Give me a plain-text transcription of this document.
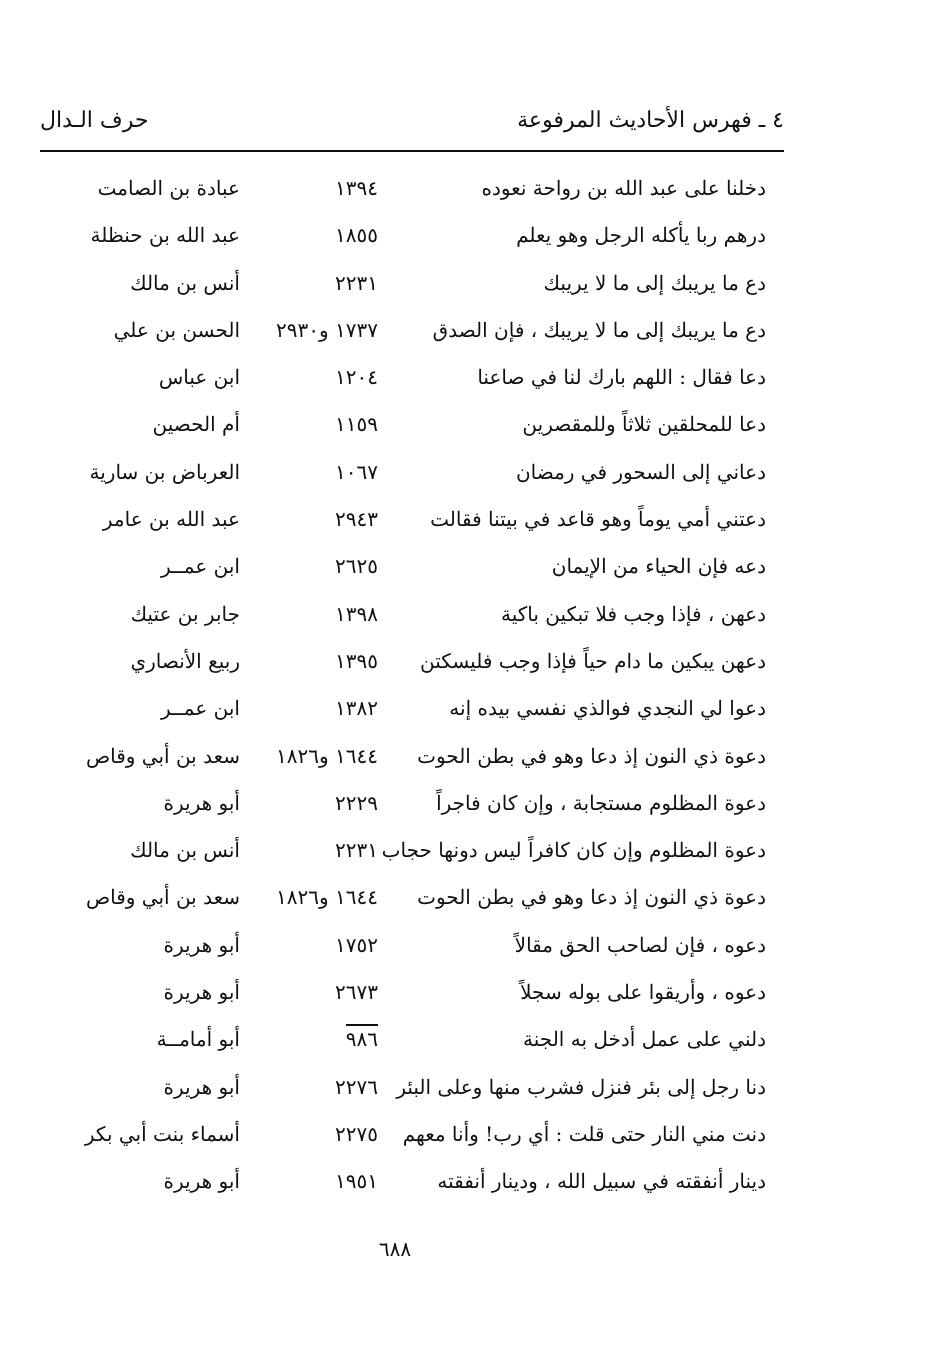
٤ ـ فهرس الأحاديث المرفوعة
حرف الـدال
دخلنا على عبد الله بن رواحة نعوده
١٣٩٤
عبادة بن الصامت
درهم ربا يأكله الرجل وهو يعلم
١٨٥٥
عبد الله بن حنظلة
دع ما يريبك إلى ما لا يريبك
٢٢٣١
أنس بن مالك
دع ما يريبك إلى ما لا يريبك ، فإن الصدق
١٧٣٧ و٢٩٣٠
الحسن بن علي
دعا فقال : اللهم بارك لنا في صاعنا
١٢٠٤
ابن عباس
دعا للمحلقين ثلاثاً وللمقصرين
١١٥٩
أم الحصين
دعاني إلى السحور في رمضان
١٠٦٧
العرباض بن سارية
دعتني أمي يوماً وهو قاعد في بيتنا فقالت
٢٩٤٣
عبد الله بن عامر
دعه فإن الحياء من الإيمان
٢٦٢٥
ابن عمــر
دعهن ، فإذا وجب فلا تبكين باكية
١٣٩٨
جابر بن عتيك
دعهن يبكين ما دام حياً فإذا وجب فليسكتن
١٣٩٥
ربيع الأنصاري
دعوا لي النجدي فوالذي نفسي بيده إنه
١٣٨٢
ابن عمــر
دعوة ذي النون إذ دعا وهو في بطن الحوت
١٦٤٤ و١٨٢٦
سعد بن أبي وقاص
دعوة المظلوم مستجابة ، وإن كان فاجراً
٢٢٢٩
أبو هريرة
دعوة المظلوم وإن كان كافراً ليس دونها حجاب
٢٢٣١
أنس بن مالك
دعوة ذي النون إذ دعا وهو في بطن الحوت
١٦٤٤ و١٨٢٦
سعد بن أبي وقاص
دعوه ، فإن لصاحب الحق مقالاً
١٧٥٢
أبو هريرة
دعوه ، وأريقوا على بوله سجلاً
٢٦٧٣
أبو هريرة
دلني على عمل أدخل به الجنة
٩٨٦
أبو أمامــة
دنا رجل إلى بئر فنزل فشرب منها وعلى البئر
٢٢٧٦
أبو هريرة
دنت مني النار حتى قلت : أي رب! وأنا معهم
٢٢٧٥
أسماء بنت أبي بكر
دينار أنفقته في سبيل الله ، ودينار أنفقته
١٩٥١
أبو هريرة
٦٨٨
